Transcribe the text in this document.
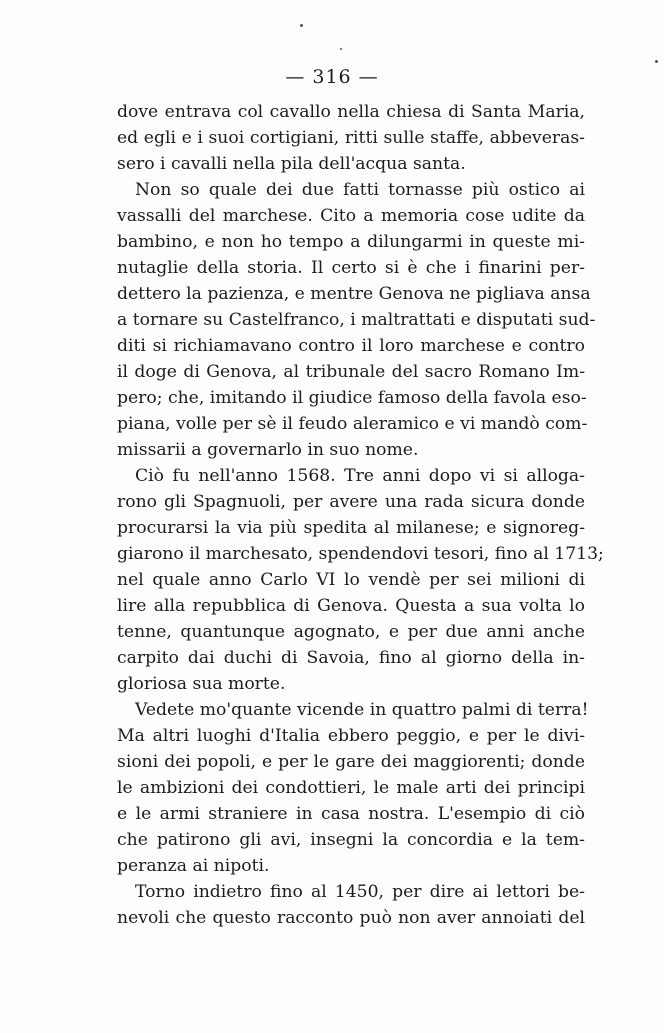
— 316 —
dove entrava col cavallo nella chiesa di Santa Maria,
ed egli e i suoi cortigiani, ritti sulle staffe, abbeveras-
sero i cavalli nella pila dell'acqua santa.
Non so quale dei due fatti tornasse più ostico ai
vassalli del marchese. Cito a memoria cose udite da
bambino, e non ho tempo a dilungarmi in queste mi-
nutaglie della storia. Il certo si è che i finarini per-
dettero la pazienza, e mentre Genova ne pigliava ansa
a tornare su Castelfranco, i maltrattati e disputati sud-
diti si richiamavano contro il loro marchese e contro
il doge di Genova, al tribunale del sacro Romano Im-
pero; che, imitando il giudice famoso della favola eso-
piana, volle per sè il feudo aleramico e vi mandò com-
missarii a governarlo in suo nome.
Ciò fu nell'anno 1568. Tre anni dopo vi si alloga-
rono gli Spagnuoli, per avere una rada sicura donde
procurarsi la via più spedita al milanese; e signoreg-
giarono il marchesato, spendendovi tesori, fino al 1713;
nel quale anno Carlo VI lo vendè per sei milioni di
lire alla repubblica di Genova. Questa a sua volta lo
tenne, quantunque agognato, e per due anni anche
carpito dai duchi di Savoia, fino al giorno della in-
gloriosa sua morte.
Vedete mo'quante vicende in quattro palmi di terra!
Ma altri luoghi d'Italia ebbero peggio, e per le divi-
sioni dei popoli, e per le gare dei maggiorenti; donde
le ambizioni dei condottieri, le male arti dei principi
e le armi straniere in casa nostra. L'esempio di ciò
che patirono gli avi, insegni la concordia e la tem-
peranza ai nipoti.
Torno indietro fino al 1450, per dire ai lettori be-
nevoli che questo racconto può non aver annoiati del
